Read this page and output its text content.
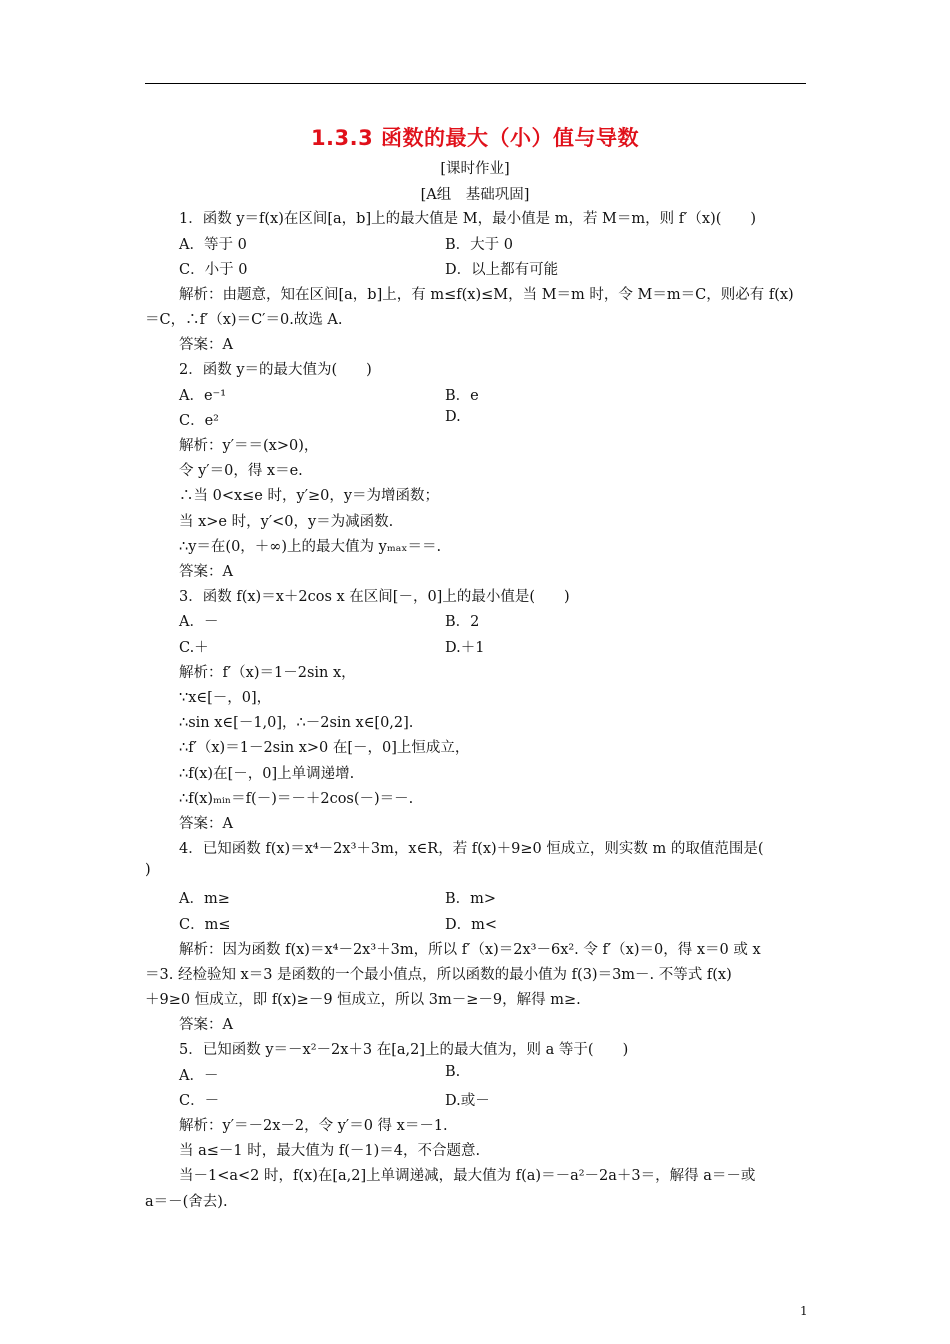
1.3.3 函数的最大（小）值与导数
[课时作业]
[A组　基础巩固]
1．函数 y＝f(x)在区间[a，b]上的最大值是 M，最小值是 m，若 M＝m，则 f′（x)(　　)
A．等于 0
C．小于 0
解析：由题意，知在区间[a，b]上，有 m≤f(x)≤M，当 M＝m 时，令 M＝m＝C，则必有 f(x)
＝C，∴f′（x)＝C′＝0.故选 A.
答案：A
2．函数 y＝的最大值为(　　)
A．e⁻¹
C．e²
解析：y′＝＝(x>0)，
令 y′＝0，得 x＝e.
∴当 0<x≤e 时，y′≥0，y＝为增函数；
当 x>e 时，y′<0，y＝为减函数.
∴y＝在(0，＋∞)上的最大值为 yₘₐₓ＝＝.
答案：A
3．函数 f(x)＝x＋2cos x 在区间[－，0]上的最小值是(　　)
A．－
C.＋
解析：f′（x)＝1－2sin x，
∵x∈[－，0]，
∴sin x∈[－1,0]，∴－2sin x∈[0,2].
∴f′（x)＝1－2sin x>0 在[－，0]上恒成立，
∴f(x)在[－，0]上单调递增.
∴f(x)ₘᵢₙ＝f(－)＝－＋2cos(－)＝－.
答案：A
4．已知函数 f(x)＝x⁴－2x³＋3m，x∈R，若 f(x)＋9≥0 恒成立，则实数 m 的取值范围是(
)
A．m≥
C．m≤
解析：因为函数 f(x)＝x⁴－2x³＋3m，所以 f′（x)＝2x³－6x². 令 f′（x)＝0，得 x＝0 或 x
＝3. 经检验知 x＝3 是函数的一个最小值点，所以函数的最小值为 f(3)＝3m－. 不等式 f(x)
＋9≥0 恒成立，即 f(x)≥－9 恒成立，所以 3m－≥－9，解得 m≥.
答案：A
5．已知函数 y＝－x²－2x＋3 在[a,2]上的最大值为，则 a 等于(　　)
A．－
C．－
解析：y′＝－2x－2，令 y′＝0 得 x＝－1.
当 a≤－1 时，最大值为 f(－1)＝4，不合题意.
当－1<a<2 时，f(x)在[a,2]上单调递减，最大值为 f(a)＝－a²－2a＋3＝，解得 a＝－或
a＝－(舍去).
B．大于 0
D．以上都有可能
B．e
D.
B．2
D.＋1
B．m>
D．m<
B.
D.或－
1
